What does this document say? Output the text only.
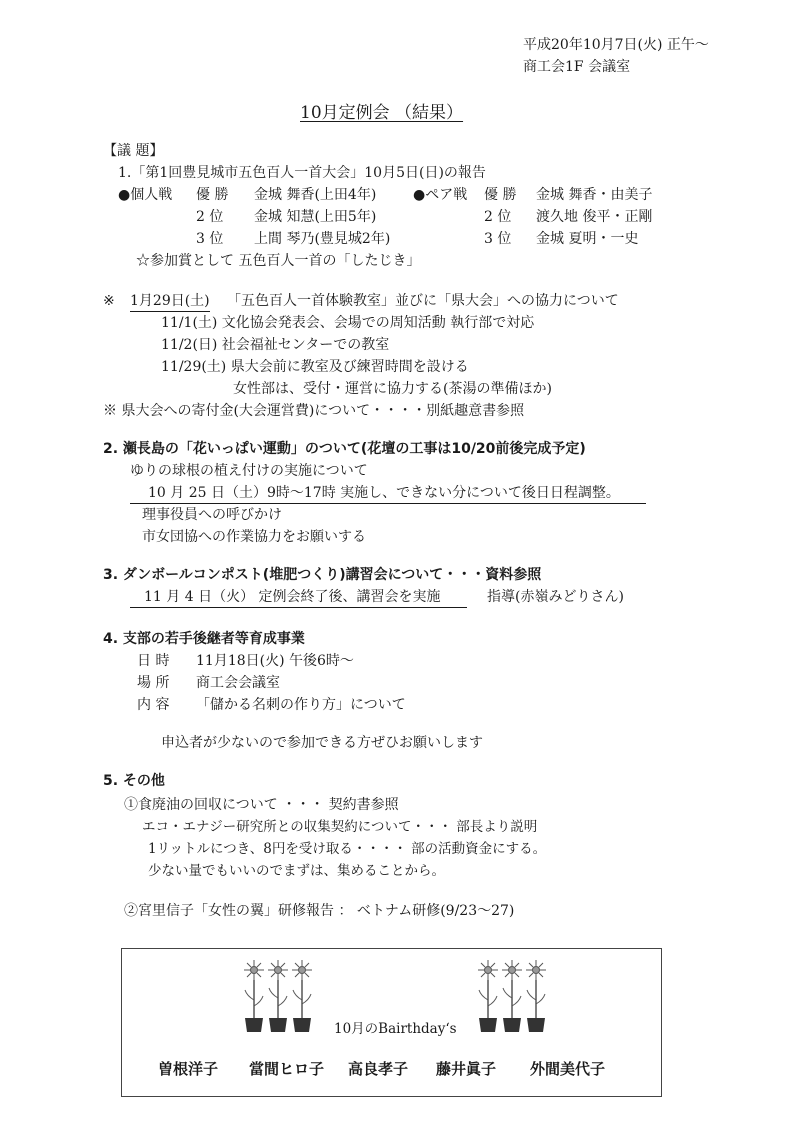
平成20年10月7日(火) 正午〜
商工会1F 会議室
10月定例会 （結果）
【議 題】
1.「第1回豊見城市五色百人一首大会」10月5日(日)の報告
●個人戦 優 勝 金城 舞香(上田4年)
2 位 金城 知慧(上田5年)
3 位 上間 琴乃(豊見城2年)
●ペア戦 優 勝 金城 舞香・由美子
2 位 渡久地 俊平・正剛
3 位 金城 夏明・一史
☆参加賞として 五色百人一首の「したじき」
※ 1月29日(土) 「五色百人一首体験教室」並びに「県大会」への協力について
11/1(土) 文化協会発表会、会場での周知活動 執行部で対応
11/2(日) 社会福祉センターでの教室
11/29(土) 県大会前に教室及び練習時間を設ける
女性部は、受付・運営に協力する(茶湯の準備ほか)
※ 県大会への寄付金(大会運営費)について・・・・別紙趣意書参照
2. 瀬長島の「花いっぱい運動」のついて(花壇の工事は10/20前後完成予定)
ゆりの球根の植え付けの実施について
10 月 25 日（土）9時〜17時 実施し、できない分について後日日程調整。
理事役員への呼びかけ
市女団協への作業協力をお願いする
3. ダンボールコンポスト(堆肥つくり)講習会について・・・資料参照
11 月 4 日（火） 定例会終了後、講習会を実施	指導(赤嶺みどりさん)
4. 支部の若手後継者等育成事業
日 時 11月18日(火) 午後6時〜
場 所 商工会会議室
内 容 「儲かる名刺の作り方」について
申込者が少ないので参加できる方ぜひお願いします
5. その他
①食廃油の回収について ・・・ 契約書参照
エコ・エナジー研究所との収集契約について・・・ 部長より説明
1リットルにつき、8円を受け取る・・・・ 部の活動資金にする。
少ない量でもいいのでまずは、集めることから。
②宮里信子「女性の翼」研修報告 ： ベトナム研修(9/23〜27)
10月のBairthday‘s
曽根洋子 當間ヒロ子 高良孝子 藤井眞子 外間美代子
